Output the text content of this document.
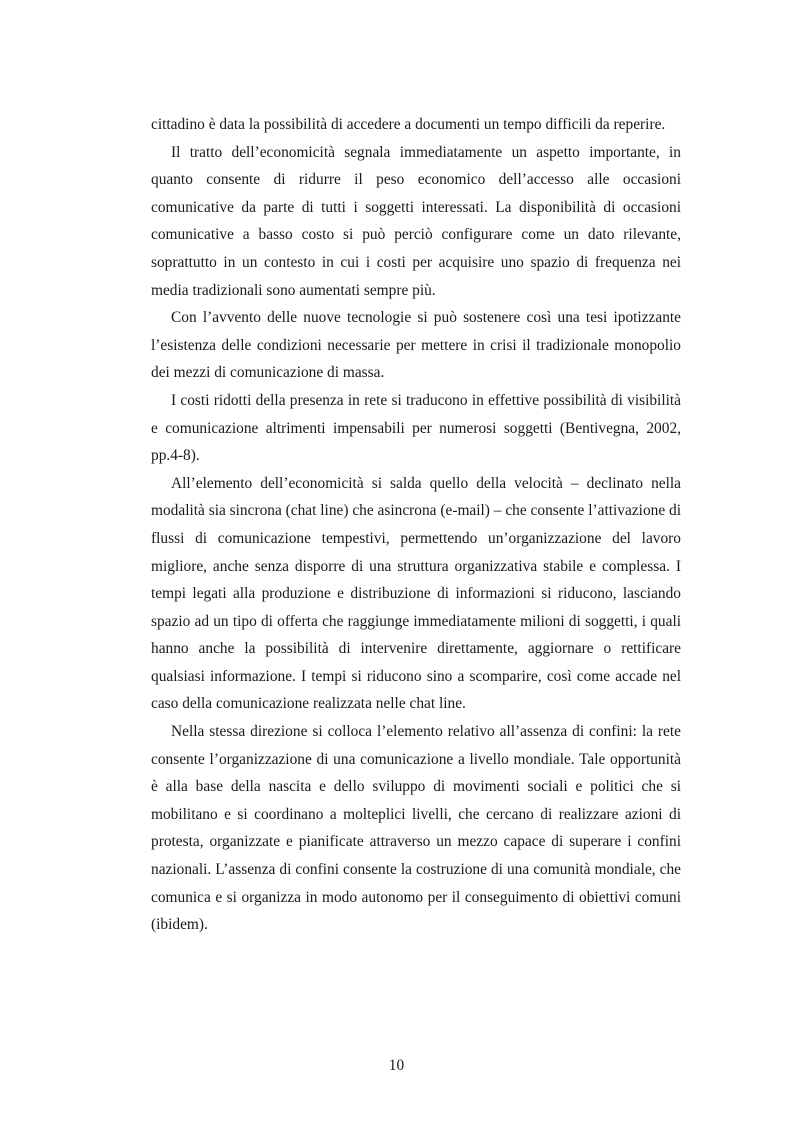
cittadino è data la possibilità di accedere a documenti un tempo difficili da reperire.

Il tratto dell’economicità segnala immediatamente un aspetto importante, in quanto consente di ridurre il peso economico dell’accesso alle occasioni comunicative da parte di tutti i soggetti interessati. La disponibilità di occasioni comunicative a basso costo si può perciò configurare come un dato rilevante, soprattutto in un contesto in cui i costi per acquisire uno spazio di frequenza nei media tradizionali sono aumentati sempre più.

Con l’avvento delle nuove tecnologie si può sostenere così una tesi ipotizzante l’esistenza delle condizioni necessarie per mettere in crisi il tradizionale monopolio dei mezzi di comunicazione di massa.

I costi ridotti della presenza in rete si traducono in effettive possibilità di visibilità e comunicazione altrimenti impensabili per numerosi soggetti (Bentivegna, 2002, pp.4-8).

All’elemento dell’economicità si salda quello della velocità – declinato nella modalità sia sincrona (chat line) che asincrona (e-mail) – che consente l’attivazione di flussi di comunicazione tempestivi, permettendo un’organizzazione del lavoro migliore, anche senza disporre di una struttura organizzativa stabile e complessa. I tempi legati alla produzione e distribuzione di informazioni si riducono, lasciando spazio ad un tipo di offerta che raggiunge immediatamente milioni di soggetti, i quali hanno anche la possibilità di intervenire direttamente, aggiornare o rettificare qualsiasi informazione. I tempi si riducono sino a scomparire, così come accade nel caso della comunicazione realizzata nelle chat line.

Nella stessa direzione si colloca l’elemento relativo all’assenza di confini: la rete consente l’organizzazione di una comunicazione a livello mondiale. Tale opportunità è alla base della nascita e dello sviluppo di movimenti sociali e politici che si mobilitano e si coordinano a molteplici livelli, che cercano di realizzare azioni di protesta, organizzate e pianificate attraverso un mezzo capace di superare i confini nazionali. L’assenza di confini consente la costruzione di una comunità mondiale, che comunica e si organizza in modo autonomo per il conseguimento di obiettivi comuni (ibidem).

10
